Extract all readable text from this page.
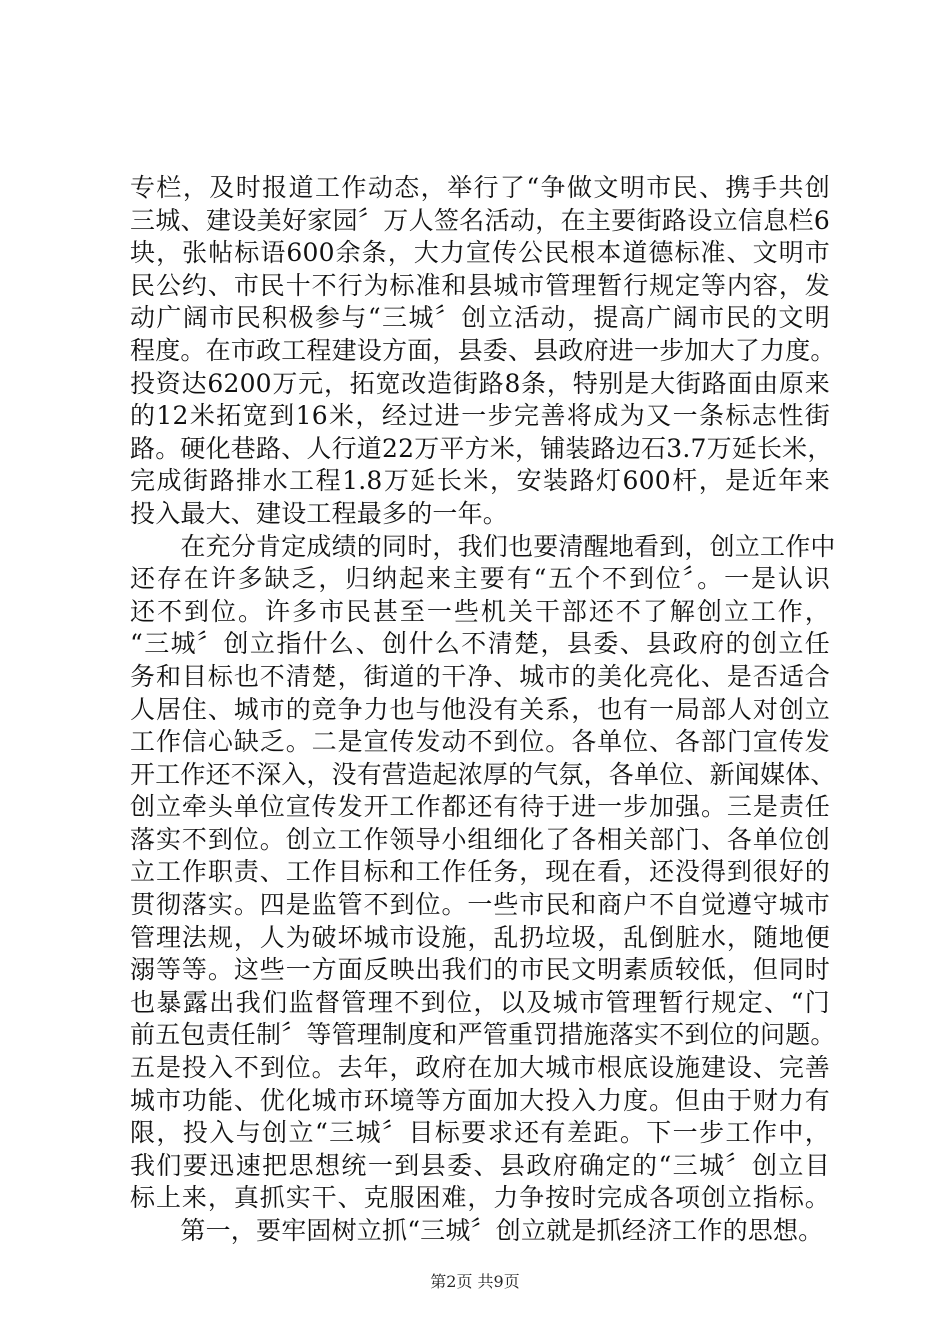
专栏，及时报道工作动态，举行了“争做文明市民、携手共创
三城、建设美好家园〞万人签名活动，在主要街路设立信息栏6
块，张帖标语600余条，大力宣传公民根本道德标准、文明市
民公约、市民十不行为标准和县城市管理暂行规定等内容，发
动广阔市民积极参与“三城〞创立活动，提高广阔市民的文明
程度。在市政工程建设方面，县委、县政府进一步加大了力度。
投资达6200万元，拓宽改造街路8条，特别是大街路面由原来
的12米拓宽到16米，经过进一步完善将成为又一条标志性街
路。硬化巷路、人行道22万平方米，铺装路边石3.7万延长米，
完成街路排水工程1.8万延长米，安装路灯600杆，是近年来
投入最大、建设工程最多的一年。
　　在充分肯定成绩的同时，我们也要清醒地看到，创立工作中
还存在许多缺乏，归纳起来主要有“五个不到位〞。一是认识
还不到位。许多市民甚至一些机关干部还不了解创立工作，
“三城〞创立指什么、创什么不清楚，县委、县政府的创立任
务和目标也不清楚，街道的干净、城市的美化亮化、是否适合
人居住、城市的竞争力也与他没有关系，也有一局部人对创立
工作信心缺乏。二是宣传发动不到位。各单位、各部门宣传发
开工作还不深入，没有营造起浓厚的气氛，各单位、新闻媒体、
创立牵头单位宣传发开工作都还有待于进一步加强。三是责任
落实不到位。创立工作领导小组细化了各相关部门、各单位创
立工作职责、工作目标和工作任务，现在看，还没得到很好的
贯彻落实。四是监管不到位。一些市民和商户不自觉遵守城市
管理法规，人为破坏城市设施，乱扔垃圾，乱倒脏水，随地便
溺等等。这些一方面反映出我们的市民文明素质较低，但同时
也暴露出我们监督管理不到位，以及城市管理暂行规定、“门
前五包责任制〞等管理制度和严管重罚措施落实不到位的问题。
五是投入不到位。去年，政府在加大城市根底设施建设、完善
城市功能、优化城市环境等方面加大投入力度。但由于财力有
限，投入与创立“三城〞目标要求还有差距。下一步工作中，
我们要迅速把思想统一到县委、县政府确定的“三城〞创立目
标上来，真抓实干、克服困难，力争按时完成各项创立指标。
　　第一，要牢固树立抓“三城〞创立就是抓经济工作的思想。
第2页 共9页
